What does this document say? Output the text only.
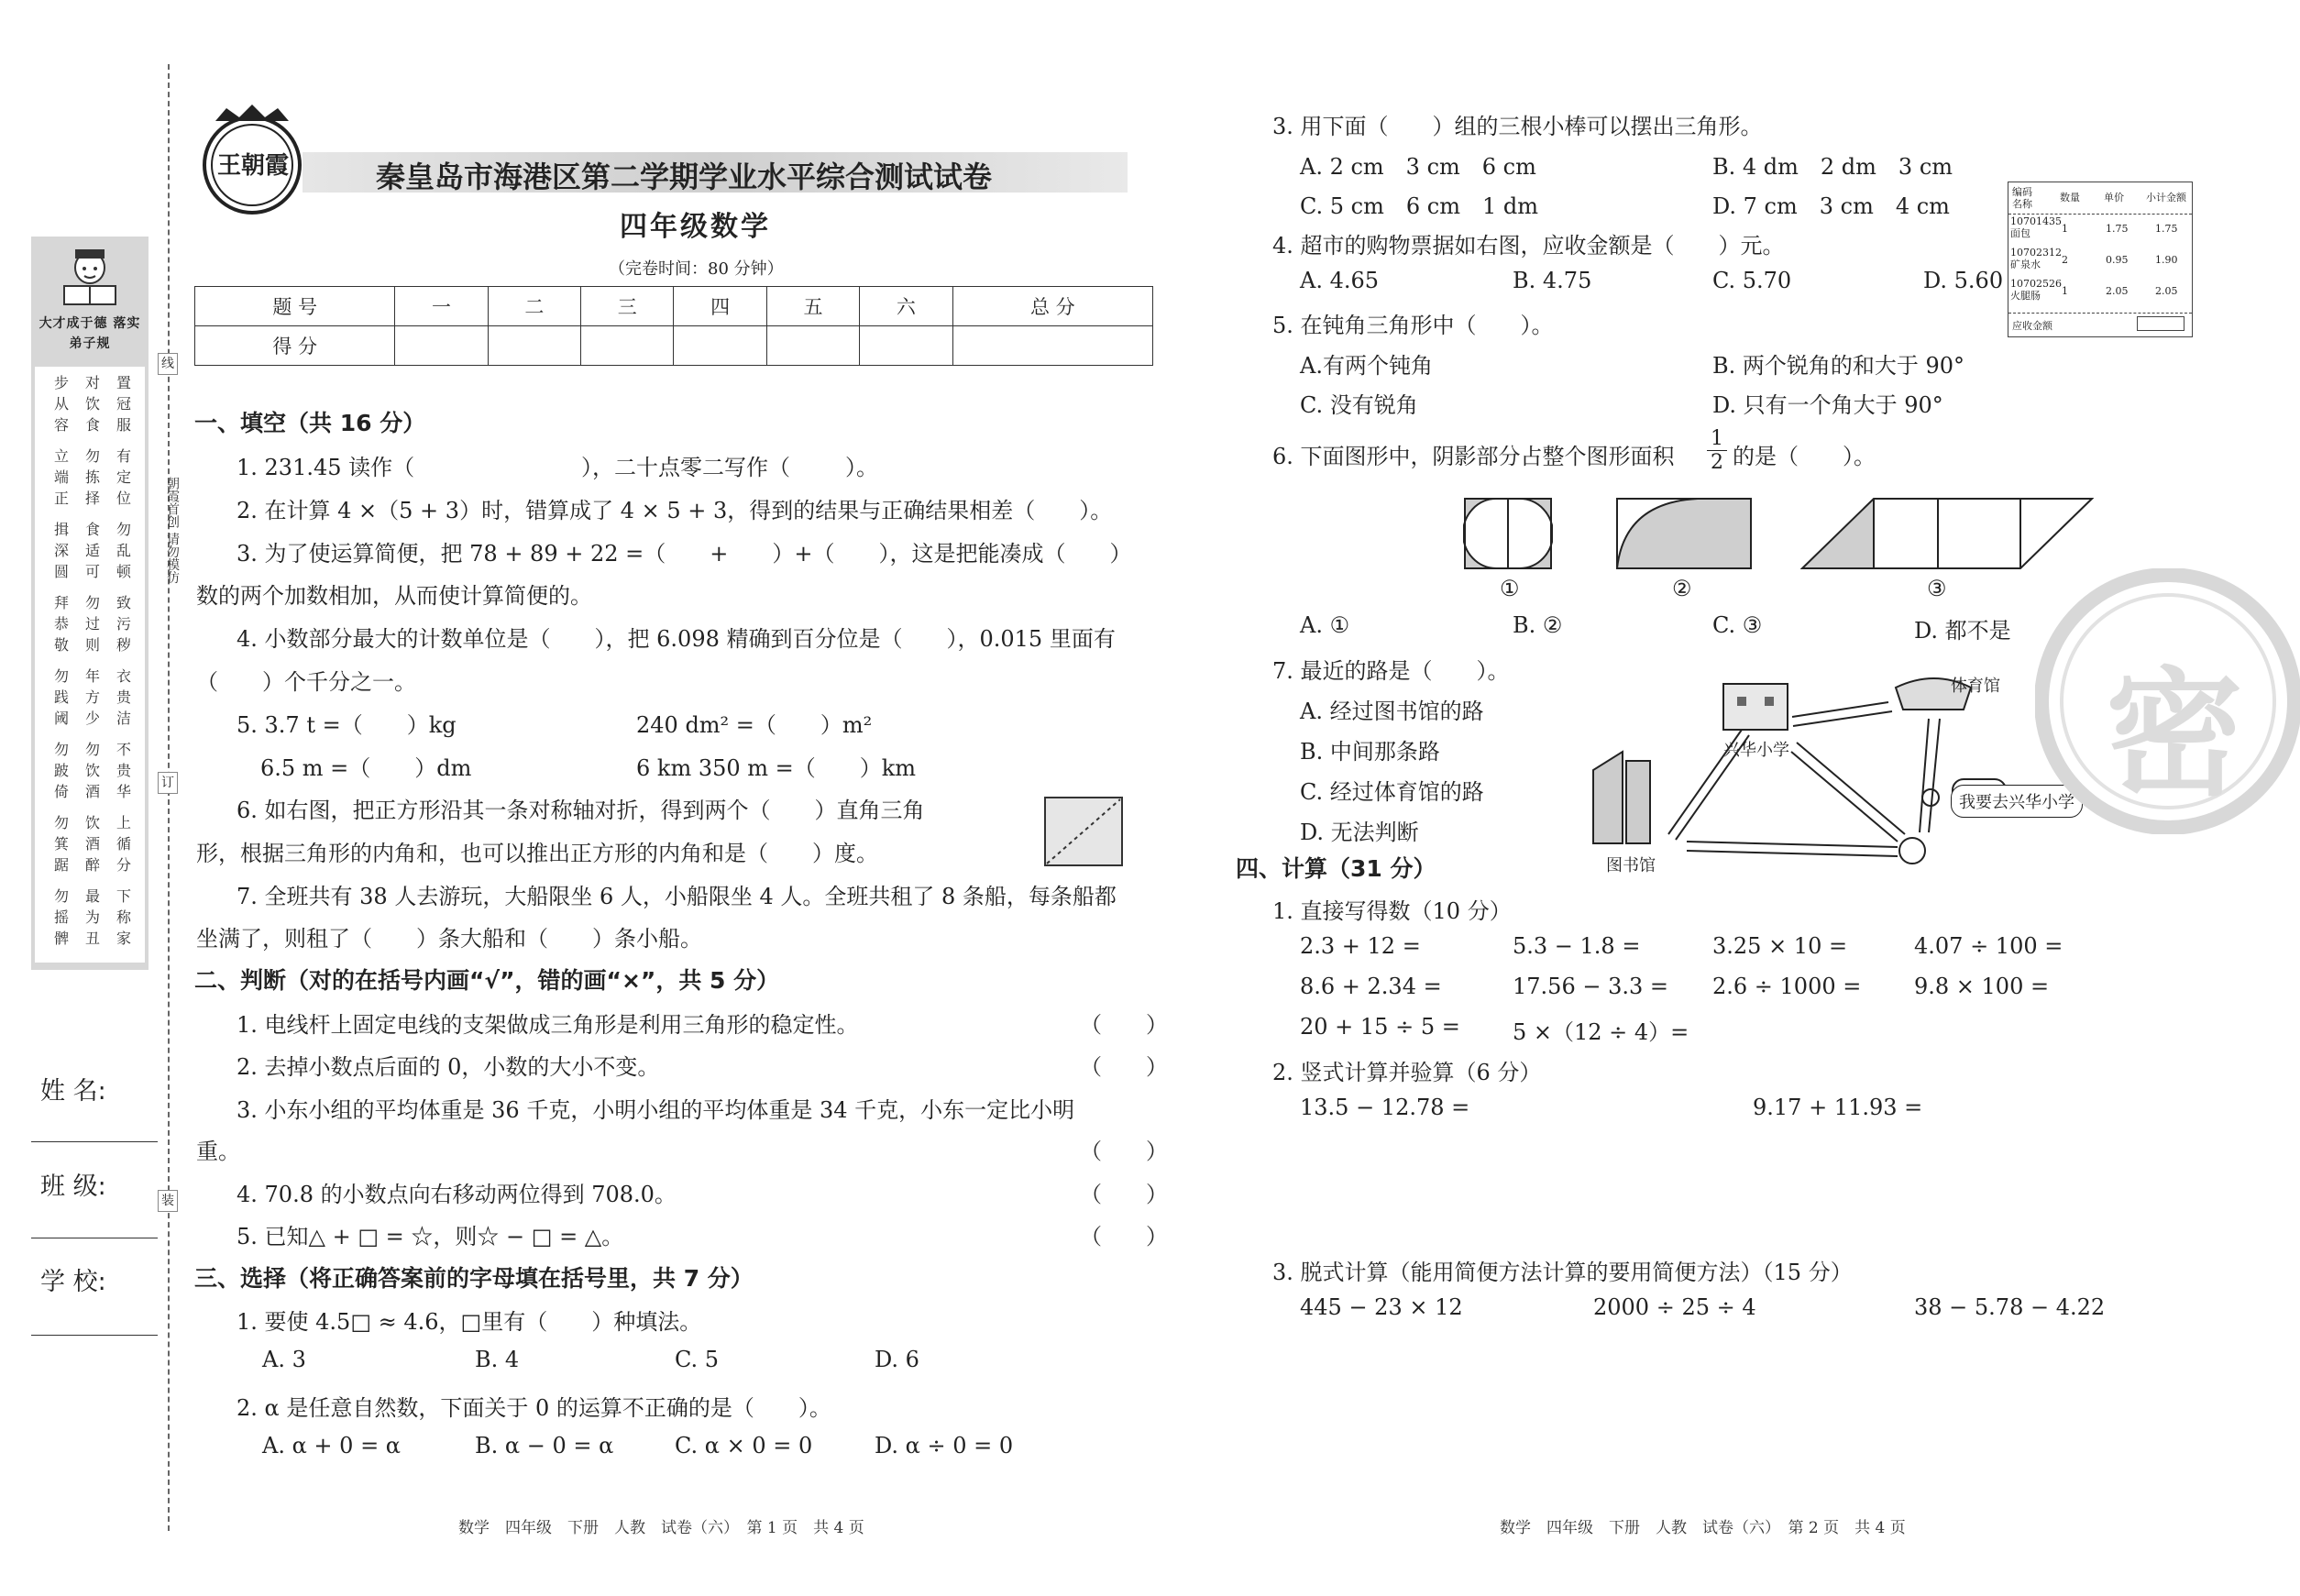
大才成于德 落实弟子规
步从容
对饮食
置冠服
立端正
勿拣择
有定位
揖深圆
食适可
勿乱顿
拜恭敬
勿过则
致污秽
勿践阈
年方少
衣贵洁
勿跛倚
勿饮酒
不贵华
勿箕踞
饮酒醉
上循分
勿摇髀
最为丑
下称家
姓 名:
班 级:
学 校:
线
订
装
朝霞首创 请勿模仿
王朝霞	秦皇岛市海港区第二学期学业水平综合测试试卷
四年级数学
（完卷时间：80 分钟）
题 号	一	二	三	四	五	六	总 分
得 分							
一、填空（共 16 分）
1. 231.45 读作（	），二十点零二写作（	）。
2. 在计算 4 ×（5 + 3）时，错算成了 4 × 5 + 3，得到的结果与正确结果相差（　　）。
3. 为了使运算简便，把 78 + 89 + 22 =（　　+　　）+（　　），这是把能凑成（　　）
数的两个加数相加，从而使计算简便的。
4. 小数部分最大的计数单位是（　　），把 6.098 精确到百分位是（　　），0.015 里面有
（　　）个千分之一。
5. 3.7 t =（　　）kg	240 dm² =（　　）m²
6.5 m =（　　）dm	6 km 350 m =（　　）km
6. 如右图，把正方形沿其一条对称轴对折，得到两个（　　）直角三角
形，根据三角形的内角和，也可以推出正方形的内角和是（　　）度。
7. 全班共有 38 人去游玩，大船限坐 6 人，小船限坐 4 人。全班共租了 8 条船，每条船都
坐满了，则租了（　　）条大船和（　　）条小船。
二、判断（对的在括号内画“√”，错的画“×”，共 5 分）
1. 电线杆上固定电线的支架做成三角形是利用三角形的稳定性。	（　　）
2. 去掉小数点后面的 0，小数的大小不变。	（　　）
3. 小东小组的平均体重是 36 千克，小明小组的平均体重是 34 千克，小东一定比小明
重。	（　　）
4. 70.8 的小数点向右移动两位得到 708.0。	（　　）
5. 已知△ + □ = ☆，则☆ − □ = △。	（　　）
三、选择（将正确答案前的字母填在括号里，共 7 分）
1. 要使 4.5□ ≈ 4.6，□里有（　　）种填法。
A. 3	B. 4	C. 5	D. 6
2. α 是任意自然数，下面关于 0 的运算不正确的是（　　）。
A. α + 0 = α	B. α − 0 = α	C. α × 0 = 0	D. α ÷ 0 = 0
数学　四年级　下册　人教　试卷（六）　第 1 页　共 4 页
3. 用下面（　　）组的三根小棒可以摆出三角形。
A. 2 cm　3 cm　6 cm	B. 4 dm　2 dm　3 cm
C. 5 cm　6 cm　1 dm	D. 7 cm　3 cm　4 cm
4. 超市的购物票据如右图，应收金额是（　　）元。
A. 4.65	B. 4.75	C. 5.70	D. 5.60
编码 名称
数量 单价 小计金额
10701435 面包	1	1.75	1.75
10702312 矿泉水	2	0.95	1.90
10702526 火腿肠	1	2.05	2.05
应收金额
5. 在钝角三角形中（　　）。
A.有两个钝角	B. 两个锐角的和大于 90°
C. 没有锐角	D. 只有一个角大于 90°
6. 下面图形中，阴影部分占整个图形面积 $\frac{1}{2}$ 的是（　　）。
①	②	③
A. ①	B. ②	C. ③	D. 都不是
7. 最近的路是（　　）。
A. 经过图书馆的路
B. 中间那条路
C. 经过体育馆的路
D. 无法判断
兴华小学
体育馆
图书馆
我要去兴华小学 密
四、计算（31 分）
1. 直接写得数（10 分）
2.3 + 12 =	5.3 − 1.8 =	3.25 × 10 =	4.07 ÷ 100 =
8.6 + 2.34 =	17.56 − 3.3 = 2.6 ÷ 1000 = 9.8 × 100 =
20 + 15 ÷ 5 = 5 ×（12 ÷ 4）=
2. 竖式计算并验算（6 分）
13.5 − 12.78 =	9.17 + 11.93 =
3. 脱式计算（能用简便方法计算的要用简便方法）（15 分）
445 − 23 × 12	2000 ÷ 25 ÷ 4	38 − 5.78 − 4.22
数学　四年级　下册　人教　试卷（六）　第 2 页　共 4 页
